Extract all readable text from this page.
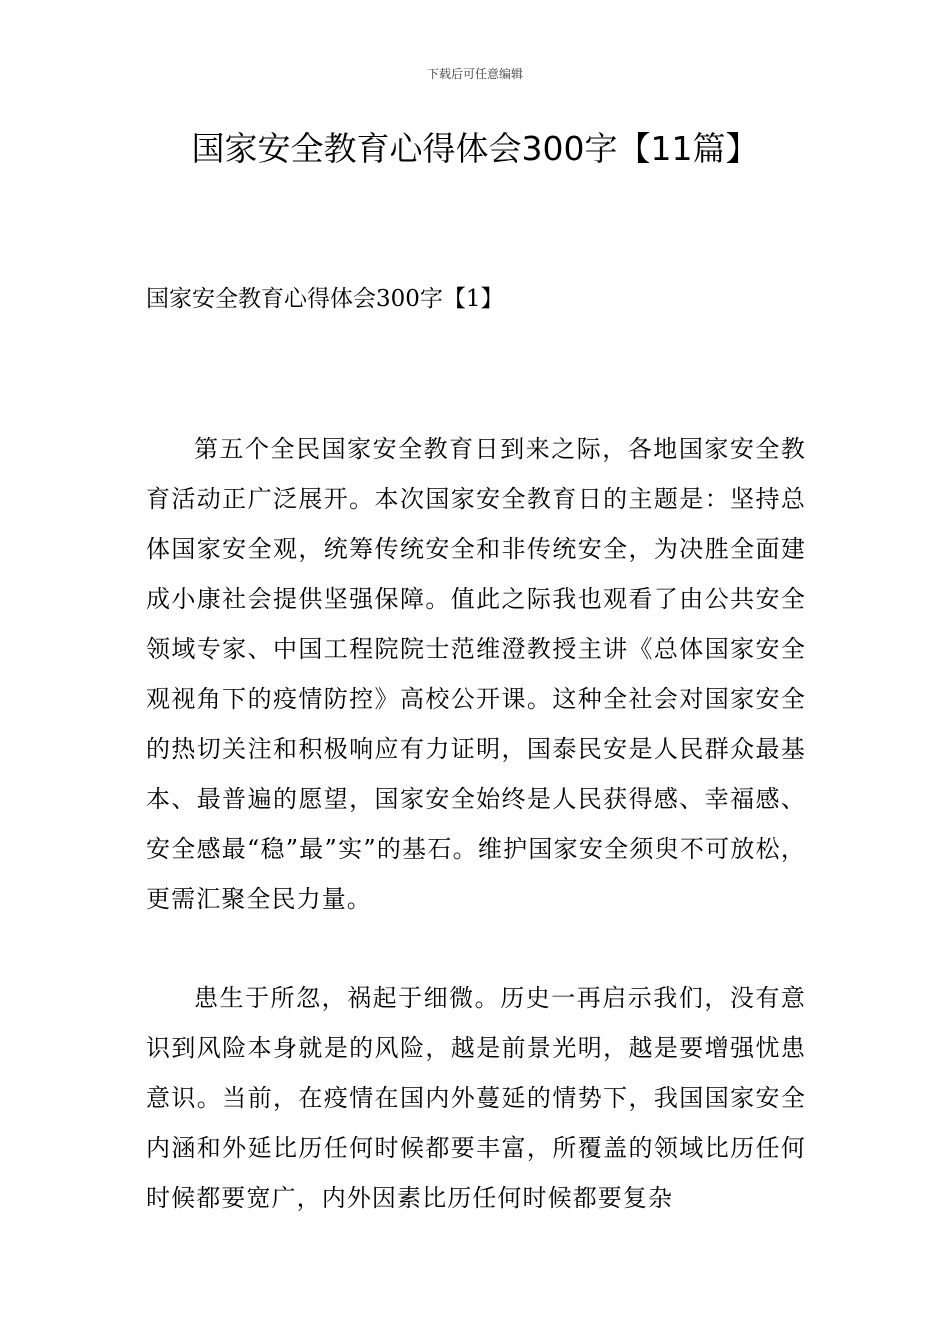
下载后可任意编辑
国家安全教育心得体会300字【11篇】
国家安全教育心得体会300字【1】

第五个全民国家安全教育日到来之际，各地国家安全教育活动正广泛展开。本次国家安全教育日的主题是：坚持总体国家安全观，统筹传统安全和非传统安全，为决胜全面建成小康社会提供坚强保障。值此之际我也观看了由公共安全领域专家、中国工程院院士范维澄教授主讲《总体国家安全观视角下的疫情防控》高校公开课。这种全社会对国家安全的热切关注和积极响应有力证明，国泰民安是人民群众最基本、最普遍的愿望，国家安全始终是人民获得感、幸福感、安全感最“稳”最”实”的基石。维护国家安全须臾不可放松，更需汇聚全民力量。

患生于所忽，祸起于细微。历史一再启示我们，没有意识到风险本身就是的风险，越是前景光明，越是要增强忧患意识。当前，在疫情在国内外蔓延的情势下，我国国家安全内涵和外延比历任何时候都要丰富，所覆盖的领域比历任何时候都要宽广，内外因素比历任何时候都要复杂
